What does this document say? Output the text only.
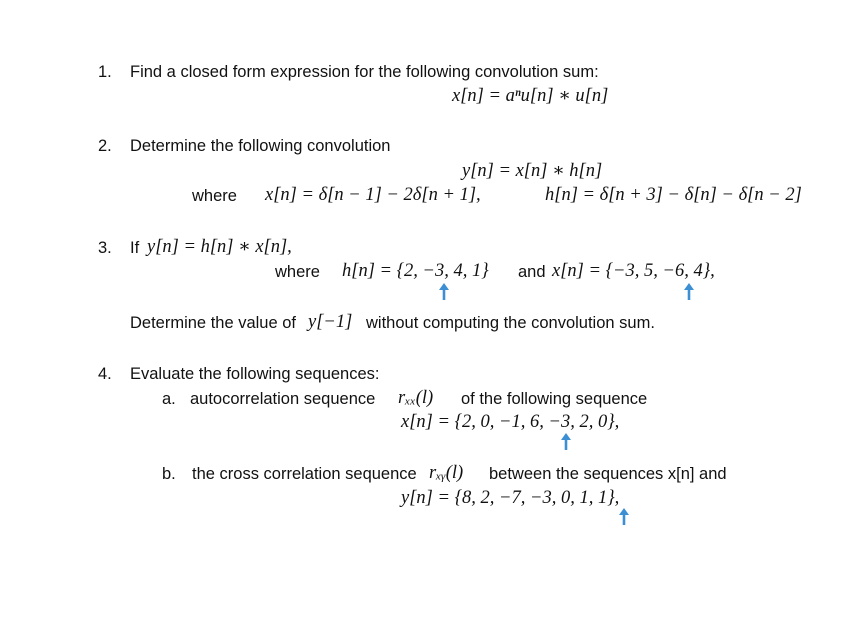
1. Find a closed form expression for the following convolution sum:
x[n] = aⁿu[n] ∗ u[n]
2. Determine the following convolution
y[n] = x[n] ∗ h[n]
where x[n] = δ[n − 1] − 2δ[n + 1],	h[n] = δ[n + 3] − δ[n] − δ[n − 2]
3. If y[n] = h[n] ∗ x[n],
where h[n] = {2, −3, 4, 1} and x[n] = {−3, 5, −6, 4},
Determine the value of y[−1] without computing the convolution sum.
4. Evaluate the following sequences:
a. autocorrelation sequence rₓₓ(l) of the following sequence
x[n] = {2, 0, −1, 6, −3, 2, 0},
b. the cross correlation sequence rₓᵧ(l) between the sequences x[n] and
y[n] = {8, 2, −7, −3, 0, 1, 1},
